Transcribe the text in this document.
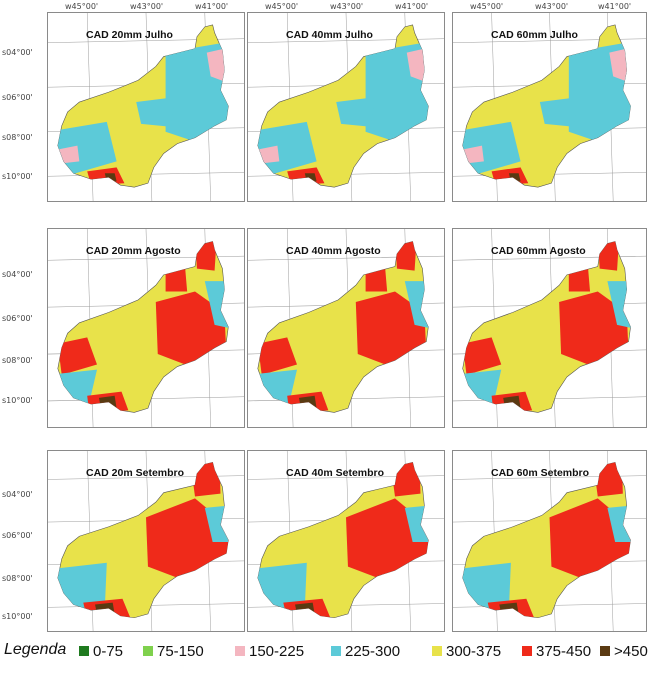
CAD 20mm Julho	CAD 40mm Julho	CAD 60mm Julho
CAD 20mm Agosto	CAD 40mm Agosto	CAD 60mm Agosto
CAD 20m Setembro	CAD 40m Setembro	CAD 60m Setembro
Legenda 0-75 75-150	150-225	225-300	300-375 375-450 >450
w45°00'	w43°00'	w41°00'	w45°00'	w43°00'	w41°00'	w45°00'	w43°00'	w41°00'
s04°00'
s06°00'
s08°00'
s10°00'
s04°00'
s06°00'
s08°00'
s10°00'
s04°00'
s06°00'
s08°00'
s10°00'
